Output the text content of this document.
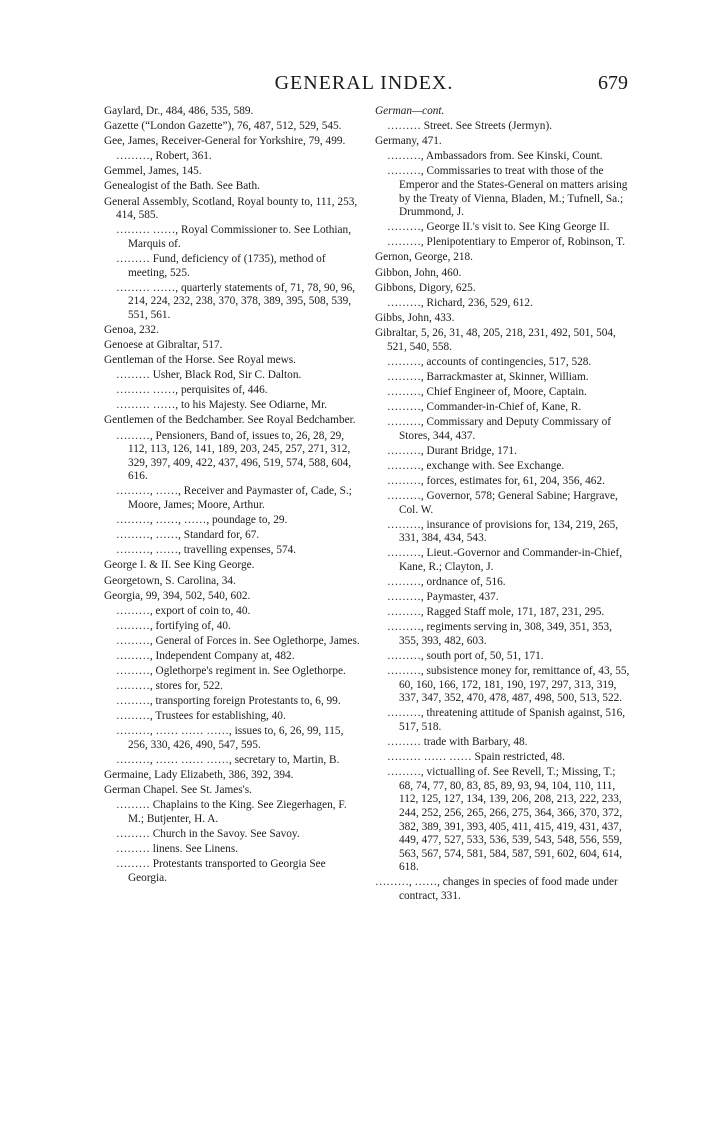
GENERAL INDEX.	679
Gaylard, Dr., 484, 486, 535, 589.
Gazette (“London Gazette”), 76, 487, 512, 529, 545.
Gee, James, Receiver-General for Yorkshire, 79, 499.
………, Robert, 361.
Gemmel, James, 145.
Genealogist of the Bath. See Bath.
General Assembly, Scotland, Royal bounty to, 111, 253, 414, 585.
……… ……, Royal Commissioner to. See Lothian, Marquis of.
……… Fund, deficiency of (1735), method of meeting, 525.
……… ……, quarterly statements of, 71, 78, 90, 96, 214, 224, 232, 238, 370, 378, 389, 395, 508, 539, 551, 561.
Genoa, 232.
Genoese at Gibraltar, 517.
Gentleman of the Horse. See Royal mews.
……… Usher, Black Rod, Sir C. Dalton.
……… ……, perquisites of, 446.
……… ……, to his Majesty. See Odiarne, Mr.
Gentlemen of the Bedchamber. See Royal Bedchamber.
………, Pensioners, Band of, issues to, 26, 28, 29, 112, 113, 126, 141, 189, 203, 245, 257, 271, 312, 329, 397, 409, 422, 437, 496, 519, 574, 588, 604, 616.
………, ……, Receiver and Paymaster of, Cade, S.; Moore, James; Moore, Arthur.
………, ……, ……, poundage to, 29.
………, ……, Standard for, 67.
………, ……, travelling expenses, 574.
George I. & II. See King George.
Georgetown, S. Carolina, 34.
Georgia, 99, 394, 502, 540, 602.
………, export of coin to, 40.
………, fortifying of, 40.
………, General of Forces in. See Oglethorpe, James.
………, Independent Company at, 482.
………, Oglethorpe's regiment in. See Oglethorpe.
………, stores for, 522.
………, transporting foreign Protestants to, 6, 99.
………, Trustees for establishing, 40.
………, …… …… ……, issues to, 6, 26, 99, 115, 256, 330, 426, 490, 547, 595.
………, …… …… ……, secretary to, Martin, B.
Germaine, Lady Elizabeth, 386, 392, 394.
German Chapel. See St. James's.
……… Chaplains to the King. See Ziegerhagen, F. M.; Butjenter, H. A.
……… Church in the Savoy. See Savoy.
……… linens. See Linens.
……… Protestants transported to Georgia See Georgia.
German—cont.
……… Street. See Streets (Jermyn).
Germany, 471.
………, Ambassadors from. See Kinski, Count.
………, Commissaries to treat with those of the Emperor and the States-General on matters arising by the Treaty of Vienna, Bladen, M.; Tufnell, Sa.; Drummond, J.
………, George II.'s visit to. See King George II.
………, Plenipotentiary to Emperor of, Robinson, T.
Gernon, George, 218.
Gibbon, John, 460.
Gibbons, Digory, 625.
………, Richard, 236, 529, 612.
Gibbs, John, 433.
Gibraltar, 5, 26, 31, 48, 205, 218, 231, 492, 501, 504, 521, 540, 558.
………, accounts of contingencies, 517, 528.
………, Barrackmaster at, Skinner, William.
………, Chief Engineer of, Moore, Captain.
………, Commander-in-Chief of, Kane, R.
………, Commissary and Deputy Commissary of Stores, 344, 437.
………, Durant Bridge, 171.
………, exchange with. See Exchange.
………, forces, estimates for, 61, 204, 356, 462.
………, Governor, 578; General Sabine; Hargrave, Col. W.
………, insurance of provisions for, 134, 219, 265, 331, 384, 434, 543.
………, Lieut.-Governor and Commander-in-Chief, Kane, R.; Clayton, J.
………, ordnance of, 516.
………, Paymaster, 437.
………, Ragged Staff mole, 171, 187, 231, 295.
………, regiments serving in, 308, 349, 351, 353, 355, 393, 482, 603.
………, south port of, 50, 51, 171.
………, subsistence money for, remittance of, 43, 55, 60, 160, 166, 172, 181, 190, 197, 297, 313, 319, 337, 347, 352, 470, 478, 487, 498, 500, 513, 522.
………, threatening attitude of Spanish against, 516, 517, 518.
……… trade with Barbary, 48.
……… …… …… Spain restricted, 48.
………, victualling of. See Revell, T.; Missing, T.; 68, 74, 77, 80, 83, 85, 89, 93, 94, 104, 110, 111, 112, 125, 127, 134, 139, 206, 208, 213, 222, 233, 244, 252, 256, 265, 266, 275, 364, 366, 370, 372, 382, 389, 391, 393, 405, 411, 415, 419, 431, 437, 449, 477, 527, 533, 536, 539, 543, 548, 556, 559, 563, 567, 574, 581, 584, 587, 591, 602, 604, 614, 618.
………, ……, changes in species of food made under contract, 331.
